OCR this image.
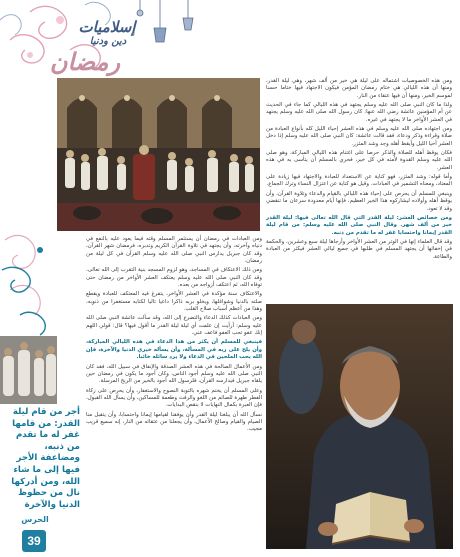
إسلاميات
دين ودنيا
رمضان

ومن هذه الخصوصيات اشتماله على ليلة هي خير من ألف شهر، وهي ليلة القدر، ومنها أن هذه الليالي هي ختام رمضان المؤمن فيكون الاجتهاد فيها ختاما حسنا لموسم الخير، ومنها أن فيها عتقاء من النار.

ولذا ما كان النبي صلى الله عليه وسلم يجتهد في هذه الليالي كما جاء في الحديث عن أم المؤمنين عائشة رضي الله عنها: كان رسول الله صلى الله عليه وسلم يجتهد في العشر الأواخر ما لا يجتهد في غيره.

ومن اجتهاده صلى الله عليه وسلم في هذه العشر إحياء الليل كله بأنواع العبادة من صلاة وقراءة وذكر ودعاء، فقد قالت عائشة: كان النبي صلى الله عليه وسلم إذا دخل العشر أحيا الليل وأيقظ أهله وجد وشد المئزر.

فكان يوقظ أهله للصلاة والذكر حرصا على اغتنام هذه الليالي المباركة، وهو صلى الله عليه وسلم القدوة لأمته في كل خير، فحري بالمسلم أن يتأسى به في هذه العشر.

وأما قوله: وشد المئزر، فهو كناية عن الاستعداد للعبادة والاجتهاد فيها زيادة على المعتاد، ومعناه التشمير في العبادات. وقيل هو كناية عن اعتزال النساء وترك الجماع.

وينبغي للمسلم أن يحرص على إحياء هذه الليالي بالقيام والدعاء وتلاوة القرآن، وأن يوقظ أهله وأولاده ليشاركوه هذا الخير العظيم، فإنها أيام معدودة سرعان ما تنقضي وقد لا تعود.

ومن خصائص العشر: ليلة القدر التي قال الله تعالى فيها: ليلة القدر خير من ألف شهر. وقال النبي صلى الله عليه وسلم: من قام ليلة القدر إيمانا واحتسابا غفر له ما تقدم من ذنبه.

وقد قال العلماء إنها في الوتر من العشر الأواخر وأرجاها ليلة سبع وعشرين، والحكمة في إخفائها أن يجتهد المسلم في طلبها في جميع ليالي العشر فيكثر من العبادة والطاعة.

ومن العبادات في رمضان أن يستثمر المسلم وقته فيما يعود عليه بالنفع في دنياه وآخرته، وأن يجتهد في تلاوة القرآن الكريم وتدبره، فرمضان شهر القرآن، وقد كان جبريل يدارس النبي صلى الله عليه وسلم القرآن في كل ليلة من رمضان.

ومن ذلك الاعتكاف في المساجد، وهو لزوم المسجد بنية التقرب إلى الله تعالى، وقد كان النبي صلى الله عليه وسلم يعتكف العشر الأواخر من رمضان حتى توفاه الله، ثم اعتكف أزواجه من بعده.

والاعتكاف سنة مؤكدة في العشر الأواخر، يتفرغ فيه المعتكف للعبادة ويقطع صلته بالدنيا وشواغلها، ويخلو بربه ذاكرا داعيا تاليا لكتابه مستغفرا من ذنوبه، وهذا من أعظم أسباب صلاح القلب.

ومن العبادات كذلك الدعاء والتضرع إلى الله، وقد سألت عائشة النبي صلى الله عليه وسلم: أرأيت إن علمت أي ليلة ليلة القدر ما أقول فيها؟ قال: قولي اللهم إنك عفو تحب العفو فاعف عني.

فينبغي للمسلم أن يكثر من هذا الدعاء في هذه الليالي المباركة، وأن يلح على ربه في المسألة، وأن يسأله خيري الدنيا والآخرة، فإن الله يحب الملحين في الدعاء ولا يرد سائله خائبا.

ومن الأعمال الصالحة في هذه العشر الصدقة والإنفاق في سبيل الله، فقد كان النبي صلى الله عليه وسلم أجود الناس، وكان أجود ما يكون في رمضان حين يلقاه جبريل فيدارسه القرآن، فلرسول الله أجود بالخير من الريح المرسلة.

وعلى المسلم أن يختم شهره بالتوبة النصوح والاستغفار، وأن يحرص على زكاة الفطر طهرة للصائم من اللغو والرفث وطعمة للمساكين، وأن يسأل الله القبول، فإن العبرة بكمال النهايات لا بنقص البدايات.

نسأل الله أن يبلغنا ليلة القدر وأن يوفقنا لقيامها إيمانا واحتسابا، وأن يتقبل منا الصيام والقيام وصالح الأعمال، وأن يجعلنا من عتقائه من النار، إنه سميع قريب مجيب.

أجر من قام ليلة القدر: من قامها غفر له ما تقدم من ذنبه، ومضاعفة الأجر فيها إلى ما شاء الله، ومن أدركها نال من حظوظ الدنيا والآخرة
39
الحرس
